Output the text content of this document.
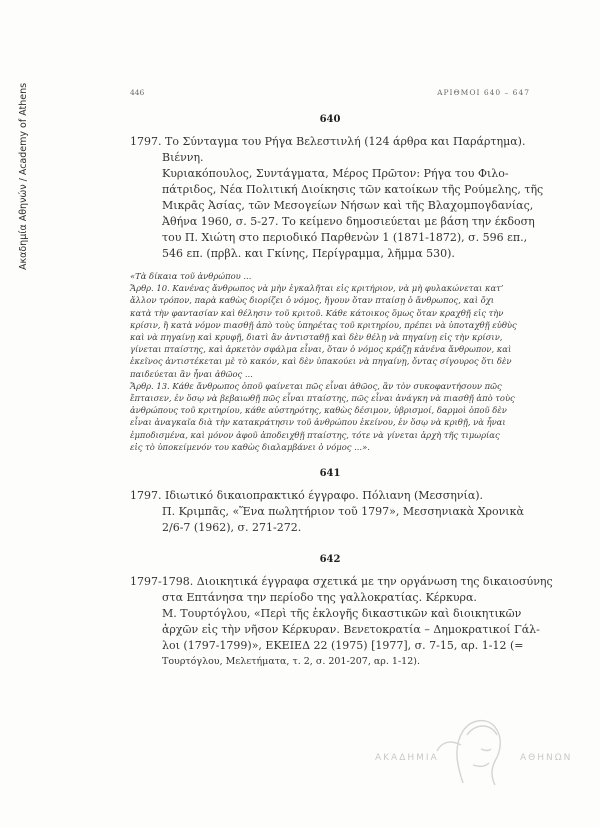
Ακαδημία Αθηνών / Academy of Athens	446	ΑΡΙΘΜΟΙ 640 – 647
640
1797. Το Σύνταγμα του Ρήγα Βελεστινλή (124 άρθρα και Παράρτημα).
Βιέννη.
Κυριακόπουλος, Συντάγματα, Μέρος Πρῶτον: Ρήγα του Φιλο-
πάτριδος, Νέα Πολιτική Διοίκησις τῶν κατοίκων τῆς Ρούμελης, τῆς
Μικρᾶς Ἀσίας, τῶν Μεσογείων Νήσων καὶ τῆς Βλαχομπογδανίας,
Ἀθήνα 1960, σ. 5-27. Το κείμενο δημοσιεύεται με βάση την έκδοση
του Π. Χιώτη στο περιοδικό Παρθενὼν 1 (1871-1872), σ. 596 επ.,
546 επ. (πρβλ. και Γκίνης, Περίγραμμα, λῆμμα 530).
«Τὰ δίκαια τοῦ ἀνθρώπου ...
Ἄρθρ. 10. Κανένας ἄνθρωπος νὰ μὴν ἐγκαλῆται εἰς κριτήριον, νὰ μὴ φυλακώνεται κατ’
ἄλλον τρόπον, παρὰ καθὼς διορίζει ὁ νόμος, ἤγουν ὅταν πταίσῃ ὁ ἄνθρωπος, καὶ ὄχι
κατὰ τὴν φαντασίαν καὶ θέλησιν τοῦ κριτοῦ. Κάθε κάτοικος ὅμως ὅταν κραχθῇ εἰς τὴν
κρίσιν, ἢ κατὰ νόμον πιασθῇ ἀπὸ τοὺς ὑπηρέτας τοῦ κριτηρίου, πρέπει νὰ ὑποταχθῇ εὐθὺς
καὶ νὰ πηγαίνῃ καὶ κρυφῇ, διατὶ ἂν ἀντισταθῇ καὶ δὲν θέλῃ νὰ πηγαίνῃ εἰς τὴν κρίσιν,
γίνεται πταίστης, καὶ ἀρκετὸν σφάλμα εἶναι, ὅταν ὁ νόμος κράζῃ κἀνένα ἄνθρωπον, καὶ
ἐκεῖνος ἀντιστέκεται μὲ τὸ κακόν, καὶ δὲν ὑπακούει νὰ πηγαίνῃ, ὄντας σίγουρος ὅτι δὲν
παιδεύεται ἂν ἦναι ἀθῶος ...
Ἄρθρ. 13. Κάθε ἄνθρωπος ὁποῦ φαίνεται πῶς εἶναι ἀθῶος, ἂν τὸν συκοφαντήσουν πῶς
ἔπταισεν, ἐν ὅσῳ νὰ βεβαιωθῇ πῶς εἶναι πταίστης, πῶς εἶναι ἀνάγκη νὰ πιασθῇ ἀπὸ τοὺς
ἀνθρώπους τοῦ κριτηρίου, κάθε αὐστηρότης, καθὼς δέσιμον, ὑβρισμοί, δαρμοὶ ὁποῦ δὲν
εἶναι ἀναγκαῖα διὰ τὴν κατακράτησιν τοῦ ἀνθρώπου ἐκείνου, ἐν ὅσῳ νὰ κριθῇ, νὰ ἦναι
ἐμποδισμένα, καὶ μόνον ἀφοῦ ἀποδειχθῇ πταίστης, τότε νὰ γίνεται ἀρχὴ τῆς τιμωρίας
εἰς τὸ ὑποκείμενόν του καθὼς διαλαμβάνει ὁ νόμος ...».
641
1797. Ιδιωτικό δικαιοπρακτικό έγγραφο. Πόλιανη (Μεσσηνία).
Π. Κριμπᾶς, «Ἕνα πωλητήριον τοῦ 1797», Μεσσηνιακὰ Χρονικὰ
2/6-7 (1962), σ. 271-272.
642
1797-1798. Διοικητικά έγγραφα σχετικά με την οργάνωση της δικαιοσύνης
στα Επτάνησα την περίοδο της γαλλοκρατίας. Κέρκυρα.
Μ. Τουρτόγλου, «Περὶ τῆς ἐκλογῆς δικαστικῶν καὶ διοικητικῶν
ἀρχῶν εἰς τὴν νῆσον Κέρκυραν. Βενετοκρατία – Δημοκρατικοί Γάλ-
λοι (1797-1799)», ΕΚΕΙΕΔ 22 (1975) [1977], σ. 7-15, αρ. 1-12 (=
Τουρτόγλου, Μελετήματα, τ. 2, σ. 201-207, αρ. 1-12).
ΑΚΑΔΗΜΙΑ	ΑΘΗΝΩΝ
